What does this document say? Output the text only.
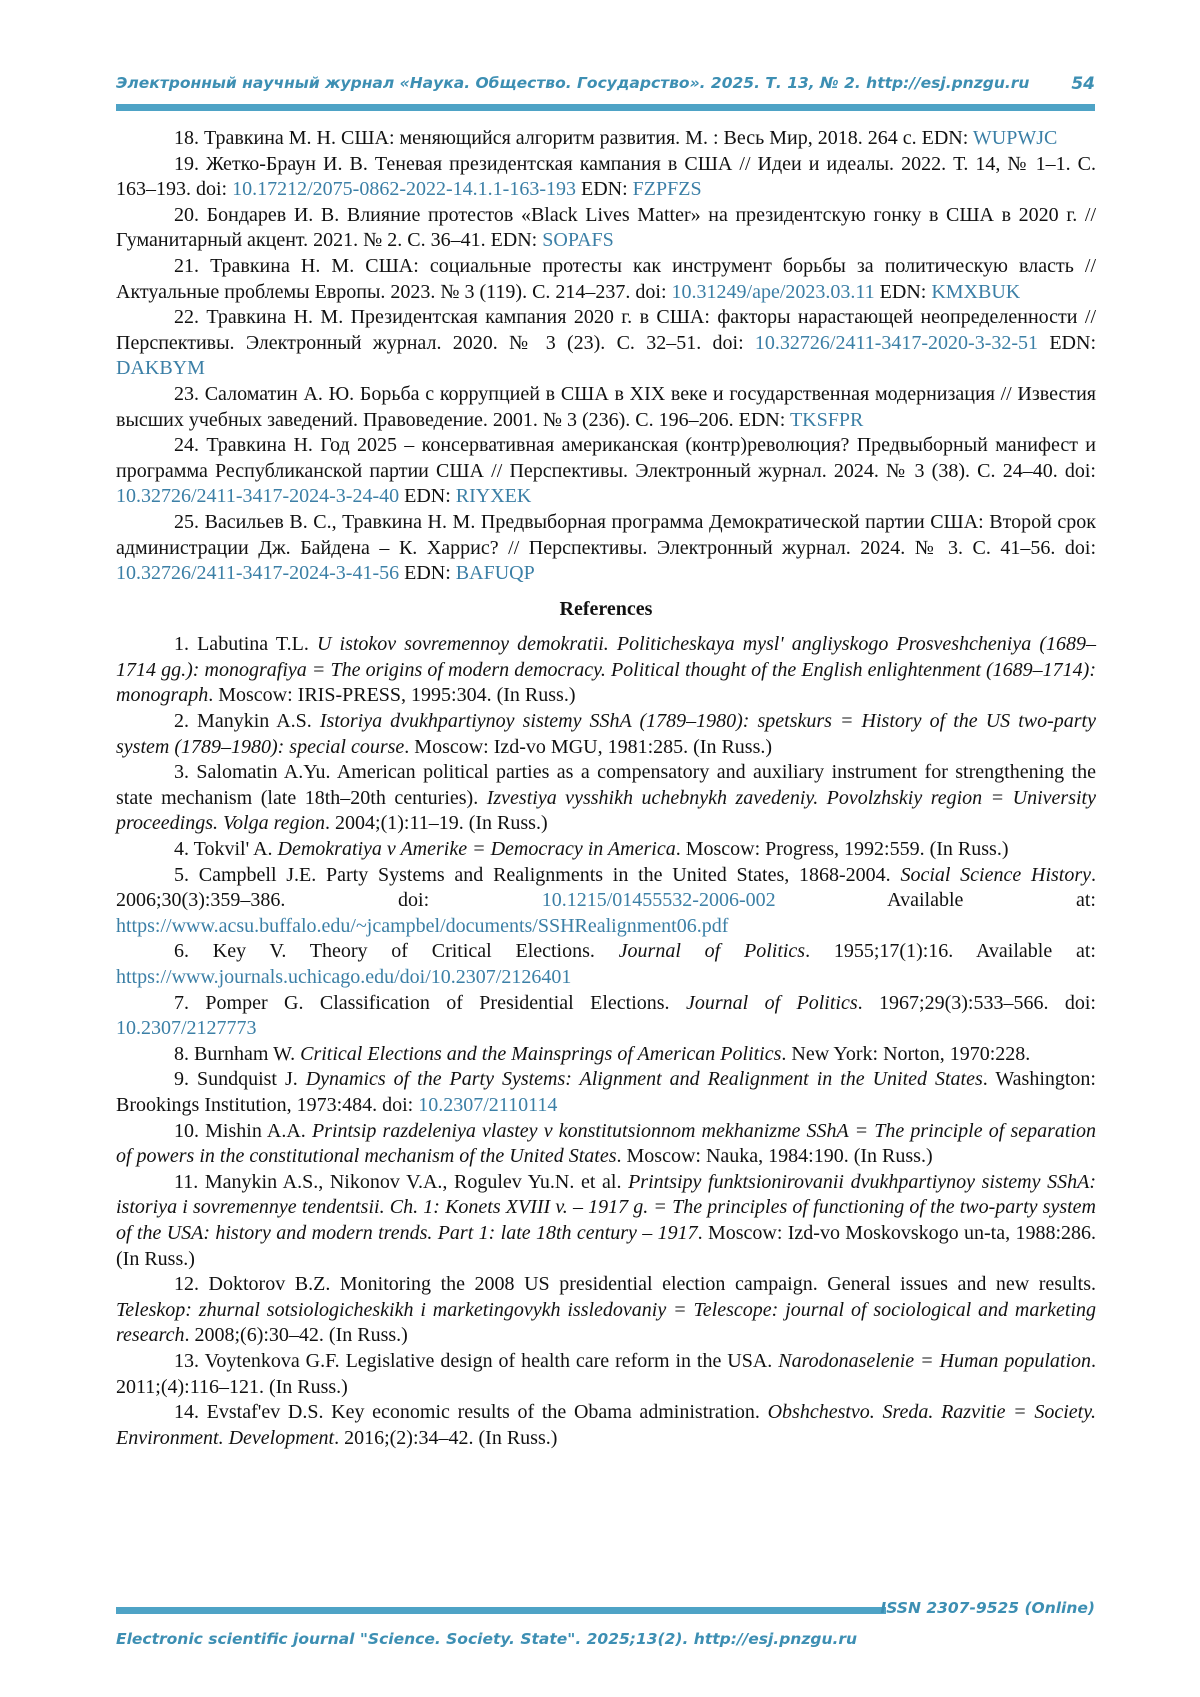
Электронный научный журнал «Наука. Общество. Государство». 2025. Т. 13, № 2. http://esj.pnzgu.ru 54

18. Травкина М. Н. США: меняющийся алгоритм развития. М. : Весь Мир, 2018. 264 с. EDN: WUPWJC

19. Жетко-Браун И. В. Теневая президентская кампания в США // Идеи и идеалы. 2022. Т. 14, № 1–1. С. 163–193. doi: 10.17212/2075-0862-2022-14.1.1-163-193 EDN: FZPFZS

20. Бондарев И. В. Влияние протестов «Black Lives Matter» на президентскую гонку в США в 2020 г. // Гуманитарный акцент. 2021. № 2. С. 36–41. EDN: SOPAFS

21. Травкина Н. М. США: социальные протесты как инструмент борьбы за политическую власть // Актуальные проблемы Европы. 2023. № 3 (119). С. 214–237. doi: 10.31249/ape/2023.03.11 EDN: KMXBUK

22. Травкина Н. М. Президентская кампания 2020 г. в США: факторы нарастающей неопределенности // Перспективы. Электронный журнал. 2020. № 3 (23). С. 32–51. doi: 10.32726/2411-3417-2020-3-32-51 EDN: DAKBYM

23. Саломатин А. Ю. Борьба с коррупцией в США в XIX веке и государственная модернизация // Известия высших учебных заведений. Правоведение. 2001. № 3 (236). С. 196–206. EDN: TKSFPR

24. Травкина Н. Год 2025 – консервативная американская (контр)революция? Предвыборный манифест и программа Республиканской партии США // Перспективы. Электронный журнал. 2024. № 3 (38). С. 24–40. doi: 10.32726/2411-3417-2024-3-24-40 EDN: RIYXEK

25. Васильев В. С., Травкина Н. М. Предвыборная программа Демократической партии США: Второй срок администрации Дж. Байдена – К. Харрис? // Перспективы. Электронный журнал. 2024. № 3. С. 41–56. doi: 10.32726/2411-3417-2024-3-41-56 EDN: BAFUQP

References

1. Labutina T.L. U istokov sovremennoy demokratii. Politicheskaya mysl' angliyskogo Prosveshcheniya (1689–1714 gg.): monografiya = The origins of modern democracy. Political thought of the English enlightenment (1689–1714): monograph. Moscow: IRIS-PRESS, 1995:304. (In Russ.)

2. Manykin A.S. Istoriya dvukhpartiynoy sistemy SShA (1789–1980): spetskurs = History of the US two-party system (1789–1980): special course. Moscow: Izd-vo MGU, 1981:285. (In Russ.)

3. Salomatin A.Yu. American political parties as a compensatory and auxiliary instrument for strengthening the state mechanism (late 18th–20th centuries). Izvestiya vysshikh uchebnykh zavedeniy. Povolzhskiy region = University proceedings. Volga region. 2004;(1):11–19. (In Russ.)

4. Tokvil' A. Demokratiya v Amerike = Democracy in America. Moscow: Progress, 1992:559. (In Russ.)

5. Campbell J.E. Party Systems and Realignments in the United States, 1868-2004. Social Science History. 2006;30(3):359–386. doi: 10.1215/01455532-2006-002 Available at: https://www.acsu.buffalo.edu/~jcampbel/documents/SSHRealignment06.pdf

6. Key V. Theory of Critical Elections. Journal of Politics. 1955;17(1):16. Available at: https://www.journals.uchicago.edu/doi/10.2307/2126401

7. Pomper G. Classification of Presidential Elections. Journal of Politics. 1967;29(3):533–566. doi: 10.2307/2127773

8. Burnham W. Critical Elections and the Mainsprings of American Politics. New York: Norton, 1970:228.

9. Sundquist J. Dynamics of the Party Systems: Alignment and Realignment in the United States. Washington: Brookings Institution, 1973:484. doi: 10.2307/2110114

10. Mishin A.A. Printsip razdeleniya vlastey v konstitutsionnom mekhanizme SShA = The principle of separation of powers in the constitutional mechanism of the United States. Moscow: Nauka, 1984:190. (In Russ.)

11. Manykin A.S., Nikonov V.A., Rogulev Yu.N. et al. Printsipy funktsionirovanii dvukhpartiynoy sistemy SShA: istoriya i sovremennye tendentsii. Ch. 1: Konets XVIII v. – 1917 g. = The principles of functioning of the two-party system of the USA: history and modern trends. Part 1: late 18th century – 1917. Moscow: Izd-vo Moskovskogo un-ta, 1988:286. (In Russ.)

12. Doktorov B.Z. Monitoring the 2008 US presidential election campaign. General issues and new results. Teleskop: zhurnal sotsiologicheskikh i marketingovykh issledovaniy = Telescope: journal of sociological and marketing research. 2008;(6):30–42. (In Russ.)

13. Voytenkova G.F. Legislative design of health care reform in the USA. Narodonaselenie = Human population. 2011;(4):116–121. (In Russ.)

14. Evstaf'ev D.S. Key economic results of the Obama administration. Obshchestvo. Sreda. Razvitie = Society. Environment. Development. 2016;(2):34–42. (In Russ.)

ISSN 2307-9525 (Online)
Electronic scientific journal "Science. Society. State". 2025;13(2). http://esj.pnzgu.ru
